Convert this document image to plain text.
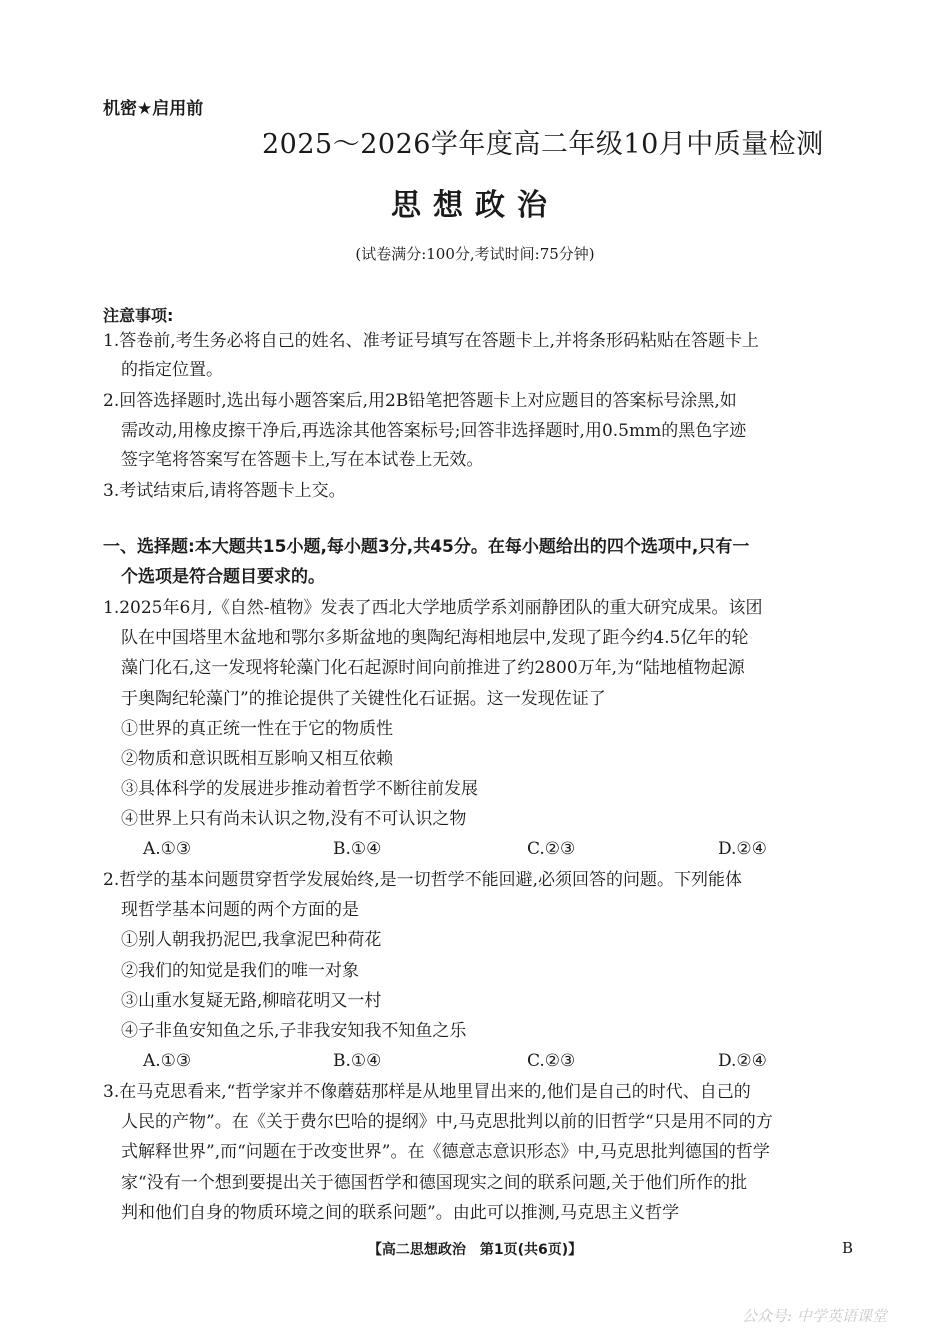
机密★启用前
2025～2026学年度高二年级10月中质量检测
思想政治
(试卷满分:100分,考试时间:75分钟)
注意事项:
1.答卷前,考生务必将自己的姓名、准考证号填写在答题卡上,并将条形码粘贴在答题卡上
的指定位置。
2.回答选择题时,选出每小题答案后,用2B铅笔把答题卡上对应题目的答案标号涂黑,如
需改动,用橡皮擦干净后,再选涂其他答案标号;回答非选择题时,用0.5mm的黑色字迹
签字笔将答案写在答题卡上,写在本试卷上无效。
3.考试结束后,请将答题卡上交。
一、选择题:本大题共15小题,每小题3分,共45分。在每小题给出的四个选项中,只有一
个选项是符合题目要求的。
1.2025年6月,《自然-植物》发表了西北大学地质学系刘丽静团队的重大研究成果。该团
队在中国塔里木盆地和鄂尔多斯盆地的奥陶纪海相地层中,发现了距今约4.5亿年的轮
藻门化石,这一发现将轮藻门化石起源时间向前推进了约2800万年,为“陆地植物起源
于奥陶纪轮藻门”的推论提供了关键性化石证据。这一发现佐证了
①世界的真正统一性在于它的物质性
②物质和意识既相互影响又相互依赖
③具体科学的发展进步推动着哲学不断往前发展
④世界上只有尚未认识之物,没有不可认识之物
A.①③	B.①④	C.②③	D.②④
2.哲学的基本问题贯穿哲学发展始终,是一切哲学不能回避,必须回答的问题。下列能体
现哲学基本问题的两个方面的是
①别人朝我扔泥巴,我拿泥巴种荷花
②我们的知觉是我们的唯一对象
③山重水复疑无路,柳暗花明又一村
④子非鱼安知鱼之乐,子非我安知我不知鱼之乐
A.①③	B.①④	C.②③	D.②④
3.在马克思看来,“哲学家并不像蘑菇那样是从地里冒出来的,他们是自己的时代、自己的
人民的产物”。在《关于费尔巴哈的提纲》中,马克思批判以前的旧哲学“只是用不同的方
式解释世界”,而“问题在于改变世界”。在《德意志意识形态》中,马克思批判德国的哲学
家“没有一个想到要提出关于德国哲学和德国现实之间的联系问题,关于他们所作的批
判和他们自身的物质环境之间的联系问题”。由此可以推测,马克思主义哲学
【高二思想政治　第1页(共6页)】	B
公众号: 中学英语课堂
